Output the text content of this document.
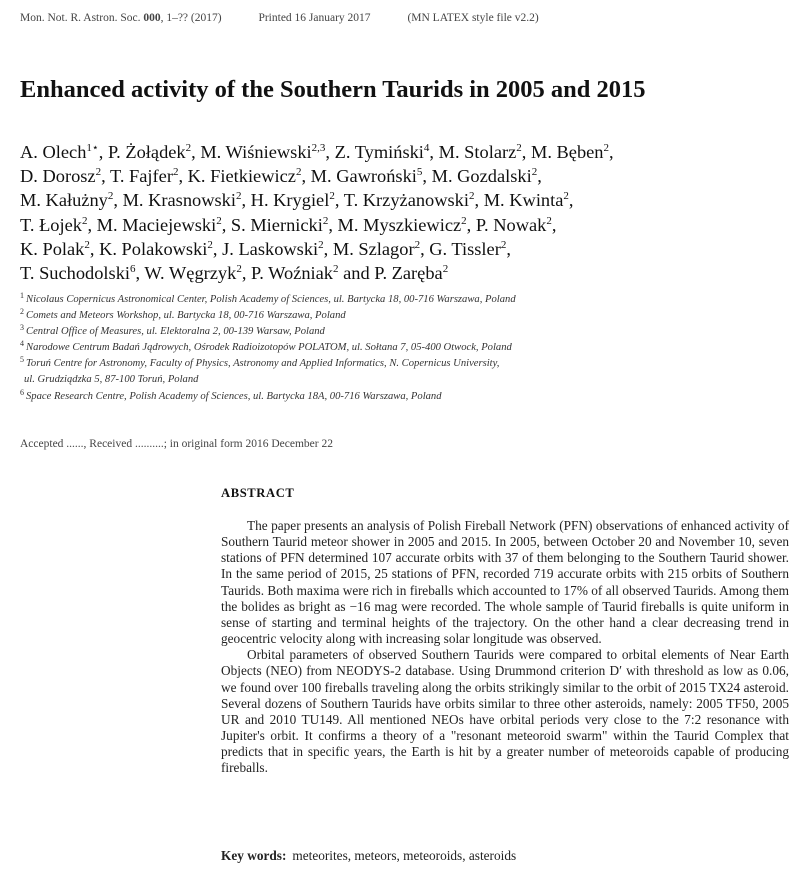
Mon. Not. R. Astron. Soc. 000, 1–?? (2017)	Printed 16 January 2017	(MN LATEX style file v2.2)
Enhanced activity of the Southern Taurids in 2005 and 2015
A. Olech$^{1⋆}$, P. Żołądek$^2$, M. Wiśniewski$^{2,3}$, Z. Tymiński$^4$, M. Stolarz$^2$, M. Bęben$^2$,
D. Dorosz$^2$, T. Fajfer$^2$, K. Fietkiewicz$^2$, M. Gawroński$^5$, M. Gozdalski$^2$,
M. Kałużny$^2$, M. Krasnowski$^2$, H. Krygiel$^2$, T. Krzyżanowski$^2$, M. Kwinta$^2$,
T. Łojek$^2$, M. Maciejewski$^2$, S. Miernicki$^2$, M. Myszkiewicz$^2$, P. Nowak$^2$,
K. Polak$^2$, K. Polakowski$^2$, J. Laskowski$^2$, M. Szlagor$^2$, G. Tissler$^2$,
T. Suchodolski$^6$, W. Węgrzyk$^2$, P. Woźniak$^2$ and P. Zaręba$^2$
$^1$ Nicolaus Copernicus Astronomical Center, Polish Academy of Sciences, ul. Bartycka 18, 00-716 Warszawa, Poland
$^2$ Comets and Meteors Workshop, ul. Bartycka 18, 00-716 Warszawa, Poland
$^3$ Central Office of Measures, ul. Elektoralna 2, 00-139 Warsaw, Poland
$^4$ Narodowe Centrum Badań Jądrowych, Ośrodek Radioizotopów POLATOM, ul. Sołtana 7, 05-400 Otwock, Poland
$^5$ Toruń Centre for Astronomy, Faculty of Physics, Astronomy and Applied Informatics, N. Copernicus University,
ul. Grudziądzka 5, 87-100 Toruń, Poland
$^6$ Space Research Centre, Polish Academy of Sciences, ul. Bartycka 18A, 00-716 Warszawa, Poland
Accepted ......, Received ..........; in original form 2016 December 22
ABSTRACT

The paper presents an analysis of Polish Fireball Network (PFN) observations of enhanced activity of Southern Taurid meteor shower in 2005 and 2015. In 2005, between October 20 and November 10, seven stations of PFN determined 107 accurate orbits with 37 of them belonging to the Southern Taurid shower. In the same period of 2015, 25 stations of PFN, recorded 719 accurate orbits with 215 orbits of Southern Taurids. Both maxima were rich in fireballs which accounted to 17% of all observed Taurids. Among them the bolides as bright as −16 mag were recorded. The whole sample of Taurid fireballs is quite uniform in sense of starting and terminal heights of the trajectory. On the other hand a clear decreasing trend in geocentric velocity along with increasing solar longitude was observed.

Orbital parameters of observed Southern Taurids were compared to orbital elements of Near Earth Objects (NEO) from NEODYS-2 database. Using Drummond criterion D′ with threshold as low as 0.06, we found over 100 fireballs traveling along the orbits strikingly similar to the orbit of 2015 TX24 asteroid. Several dozens of Southern Taurids have orbits similar to three other asteroids, namely: 2005 TF50, 2005 UR and 2010 TU149. All mentioned NEOs have orbital periods very close to the 7:2 resonance with Jupiter's orbit. It confirms a theory of a "resonant meteoroid swarm" within the Taurid Complex that predicts that in specific years, the Earth is hit by a greater number of meteoroids capable of producing fireballs.

Key words: meteorites, meteors, meteoroids, asteroids
